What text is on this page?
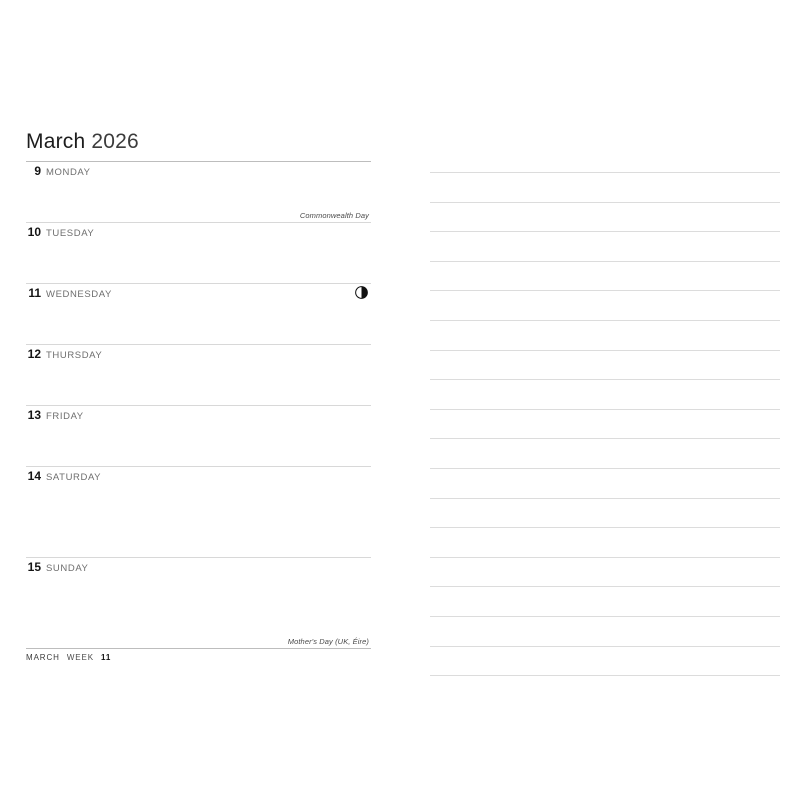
March 2026
9 MONDAY
Commonwealth Day
10 TUESDAY
11 WEDNESDAY
12 THURSDAY
13 FRIDAY
14 SATURDAY
15 SUNDAY
Mother's Day (UK, Éire)
MARCH WEEK 11
